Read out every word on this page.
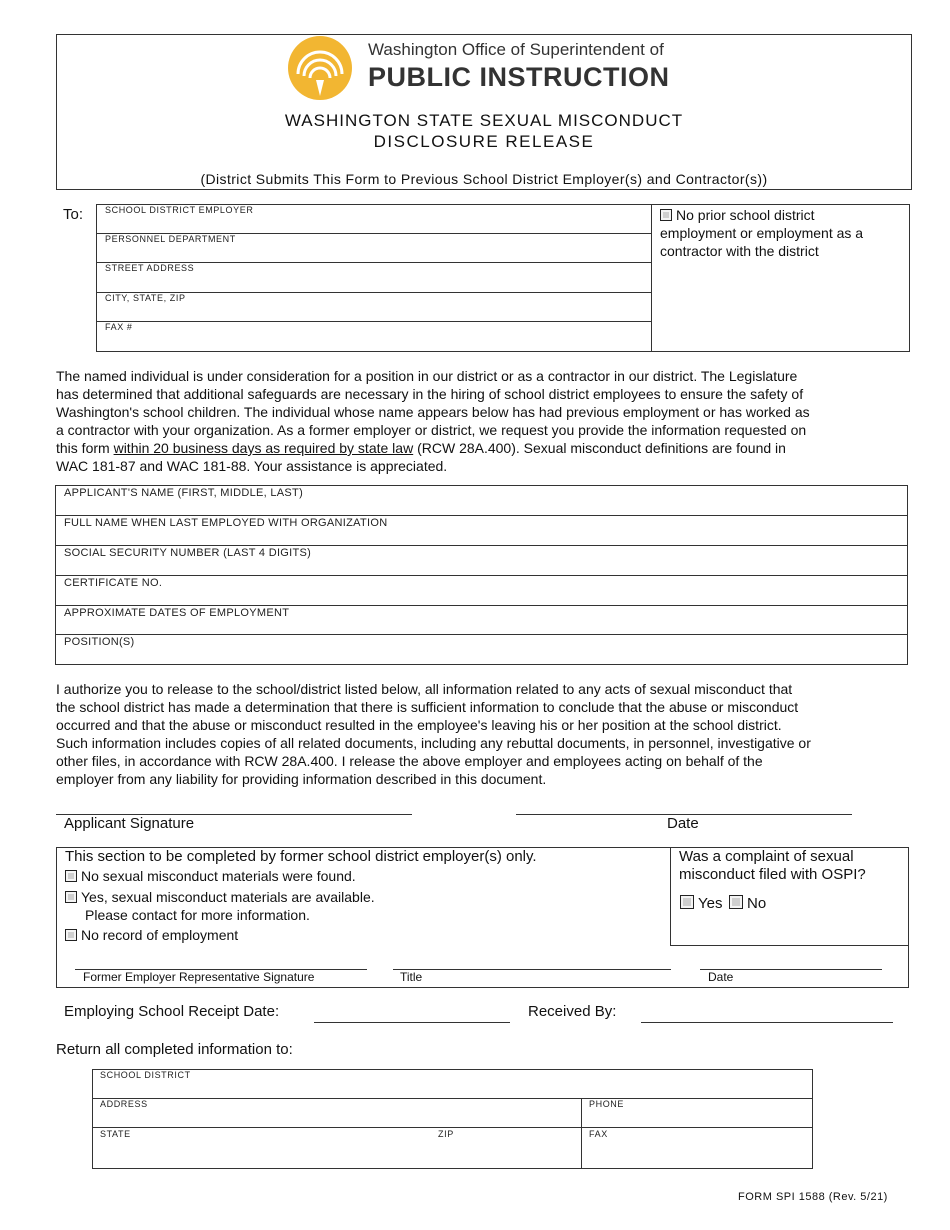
Washington Office of Superintendent of
PUBLIC INSTRUCTION
WASHINGTON STATE SEXUAL MISCONDUCT
DISCLOSURE RELEASE
(District Submits This Form to Previous School District Employer(s) and Contractor(s))
To: SCHOOL DISTRICT EMPLOYER
PERSONNEL DEPARTMENT
STREET ADDRESS
CITY, STATE, ZIP
FAX #
No prior school district
employment or employment as a
contractor with the district
The named individual is under consideration for a position in our district or as a contractor in our district. The Legislature
has determined that additional safeguards are necessary in the hiring of school district employees to ensure the safety of
Washington's school children. The individual whose name appears below has had previous employment or has worked as
a contractor with your organization. As a former employer or district, we request you provide the information requested on
this form within 20 business days as required by state law (RCW 28A.400). Sexual misconduct definitions are found in
WAC 181-87 and WAC 181-88. Your assistance is appreciated.
APPLICANT'S NAME (FIRST, MIDDLE, LAST)
FULL NAME WHEN LAST EMPLOYED WITH ORGANIZATION
SOCIAL SECURITY NUMBER (LAST 4 DIGITS)
CERTIFICATE NO.
APPROXIMATE DATES OF EMPLOYMENT
POSITION(S)
I authorize you to release to the school/district listed below, all information related to any acts of sexual misconduct that
the school district has made a determination that there is sufficient information to conclude that the abuse or misconduct
occurred and that the abuse or misconduct resulted in the employee's leaving his or her position at the school district.
Such information includes copies of all related documents, including any rebuttal documents, in personnel, investigative or
other files, in accordance with RCW 28A.400. I release the above employer and employees acting on behalf of the
employer from any liability for providing information described in this document.
Applicant Signature	Date
This section to be completed by former school district employer(s) only.
No sexual misconduct materials were found.
Yes, sexual misconduct materials are available.
Please contact for more information.
No record of employment
Was a complaint of sexual
misconduct filed with OSPI?
Yes	No
Former Employer Representative Signature	Title	Date
Employing School Receipt Date:	Received By:
Return all completed information to:
SCHOOL DISTRICT
ADDRESS	PHONE
STATE	ZIP	FAX
FORM SPI 1588 (Rev. 5/21)
